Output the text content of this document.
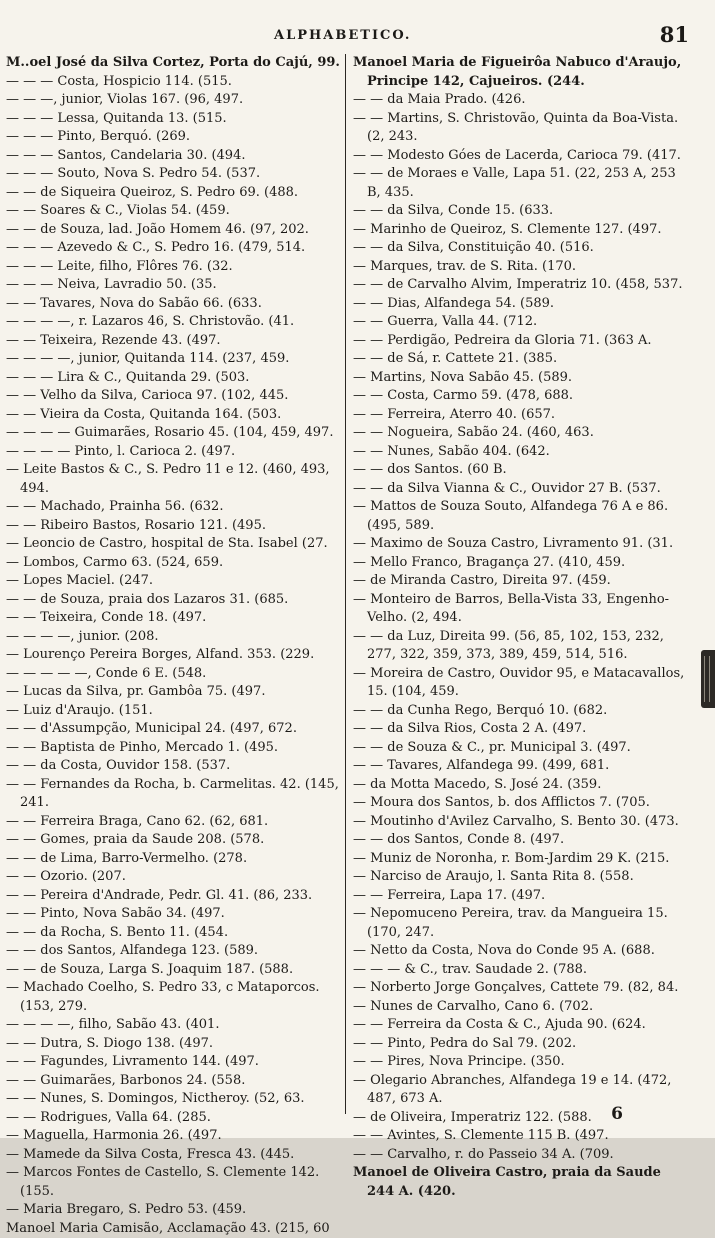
ALPHABETICO.	81
M..oel José da Silva Cortez, Porta do Cajú, 99.
— — — Costa, Hospicio 114. (515.
— — —, junior, Violas 167. (96, 497.
— — — Lessa, Quitanda 13. (515.
— — — Pinto, Berquó. (269.
— — — Santos, Candelaria 30. (494.
— — — Souto, Nova S. Pedro 54. (537.
— — de Siqueira Queiroz, S. Pedro 69. (488.
— — Soares & C., Violas 54. (459.
— — de Souza, lad. João Homem 46. (97, 202.
— — — Azevedo & C., S. Pedro 16. (479, 514.
— — — Leite, filho, Flôres 76. (32.
— — — Neiva, Lavradio 50. (35.
— — Tavares, Nova do Sabão 66. (633.
— — — —, r. Lazaros 46, S. Christovão. (41.
— — Teixeira, Rezende 43. (497.
— — — —, junior, Quitanda 114. (237, 459.
— — — Lira & C., Quitanda 29. (503.
— — Velho da Silva, Carioca 97. (102, 445.
— — Vieira da Costa, Quitanda 164. (503.
— — — — Guimarães, Rosario 45. (104, 459, 497.
— — — — Pinto, l. Carioca 2. (497.
— Leite Bastos & C., S. Pedro 11 e 12. (460, 493, 494.
— — Machado, Prainha 56. (632.
— — Ribeiro Bastos, Rosario 121. (495.
— Leoncio de Castro, hospital de Sta. Isabel (27.
— Lombos, Carmo 63. (524, 659.
— Lopes Maciel. (247.
— — de Souza, praia dos Lazaros 31. (685.
— — Teixeira, Conde 18. (497.
— — — —, junior. (208.
— Lourenço Pereira Borges, Alfand. 353. (229.
— — — — —, Conde 6 E. (548.
— Lucas da Silva, pr. Gambôa 75. (497.
— Luiz d'Araujo. (151.
— — d'Assumpção, Municipal 24. (497, 672.
— — Baptista de Pinho, Mercado 1. (495.
— — da Costa, Ouvidor 158. (537.
— — Fernandes da Rocha, b. Carmelitas. 42. (145, 241.
— — Ferreira Braga, Cano 62. (62, 681.
— — Gomes, praia da Saude 208. (578.
— — de Lima, Barro-Vermelho. (278.
— — Ozorio. (207.
— — Pereira d'Andrade, Pedr. Gl. 41. (86, 233.
— — Pinto, Nova Sabão 34. (497.
— — da Rocha, S. Bento 11. (454.
— — dos Santos, Alfandega 123. (589.
— — de Souza, Larga S. Joaquim 187. (588.
— Machado Coelho, S. Pedro 33, c Mataporcos. (153, 279.
— — — —, filho, Sabão 43. (401.
— — Dutra, S. Diogo 138. (497.
— — Fagundes, Livramento 144. (497.
— — Guimarães, Barbonos 24. (558.
— — Nunes, S. Domingos, Nictheroy. (52, 63.
— — Rodrigues, Valla 64. (285.
— Maguella, Harmonia 26. (497.
— Mamede da Silva Costa, Fresca 43. (445.
— Marcos Fontes de Castello, S. Clemente 142. (155.
— Maria Bregaro, S. Pedro 53. (459.
Manoel Maria Camisão, Acclamação 43. (215, 60
Manoel Maria de Figueirôa Nabuco d'Araujo, Principe 142, Cajueiros. (244.
— — da Maia Prado. (426.
— — Martins, S. Christovão, Quinta da Boa-Vista. (2, 243.
— — Modesto Góes de Lacerda, Carioca 79. (417.
— — de Moraes e Valle, Lapa 51. (22, 253 A, 253 B, 435.
— — da Silva, Conde 15. (633.
— Marinho de Queiroz, S. Clemente 127. (497.
— — da Silva, Constituição 40. (516.
— Marques, trav. de S. Rita. (170.
— — de Carvalho Alvim, Imperatriz 10. (458, 537.
— — Dias, Alfandega 54. (589.
— — Guerra, Valla 44. (712.
— — Perdigão, Pedreira da Gloria 71. (363 A.
— — de Sá, r. Cattete 21. (385.
— Martins, Nova Sabão 45. (589.
— — Costa, Carmo 59. (478, 688.
— — Ferreira, Aterro 40. (657.
— — Nogueira, Sabão 24. (460, 463.
— — Nunes, Sabão 404. (642.
— — dos Santos. (60 B.
— — da Silva Vianna & C., Ouvidor 27 B. (537.
— Mattos de Souza Souto, Alfandega 76 A e 86. (495, 589.
— Maximo de Souza Castro, Livramento 91. (31.
— Mello Franco, Bragança 27. (410, 459.
— de Miranda Castro, Direita 97. (459.
— Monteiro de Barros, Bella-Vista 33, Engenho-Velho. (2, 494.
— — da Luz, Direita 99. (56, 85, 102, 153, 232, 277, 322, 359, 373, 389, 459, 514, 516.
— Moreira de Castro, Ouvidor 95, e Matacavallos, 15. (104, 459.
— — da Cunha Rego, Berquó 10. (682.
— — da Silva Rios, Costa 2 A. (497.
— — de Souza & C., pr. Municipal 3. (497.
— — Tavares, Alfandega 99. (499, 681.
— da Motta Macedo, S. José 24. (359.
— Moura dos Santos, b. dos Afflictos 7. (705.
— Moutinho d'Avilez Carvalho, S. Bento 30. (473.
— — dos Santos, Conde 8. (497.
— Muniz de Noronha, r. Bom-Jardim 29 K. (215.
— Narciso de Araujo, l. Santa Rita 8. (558.
— — Ferreira, Lapa 17. (497.
— Nepomuceno Pereira, trav. da Mangueira 15. (170, 247.
— Netto da Costa, Nova do Conde 95 A. (688.
— — — & C., trav. Saudade 2. (788.
— Norberto Jorge Gonçalves, Cattete 79. (82, 84.
— Nunes de Carvalho, Cano 6. (702.
— — Ferreira da Costa & C., Ajuda 90. (624.
— — Pinto, Pedra do Sal 79. (202.
— — Pires, Nova Principe. (350.
— Olegario Abranches, Alfandega 19 e 14. (472, 487, 673 A.
— de Oliveira, Imperatriz 122. (588.
— — Avintes, S. Clemente 115 B. (497.
— — Carvalho, r. do Passeio 34 A. (709.
Manoel de Oliveira Castro, praia da Saude 244 A. (420.
6
